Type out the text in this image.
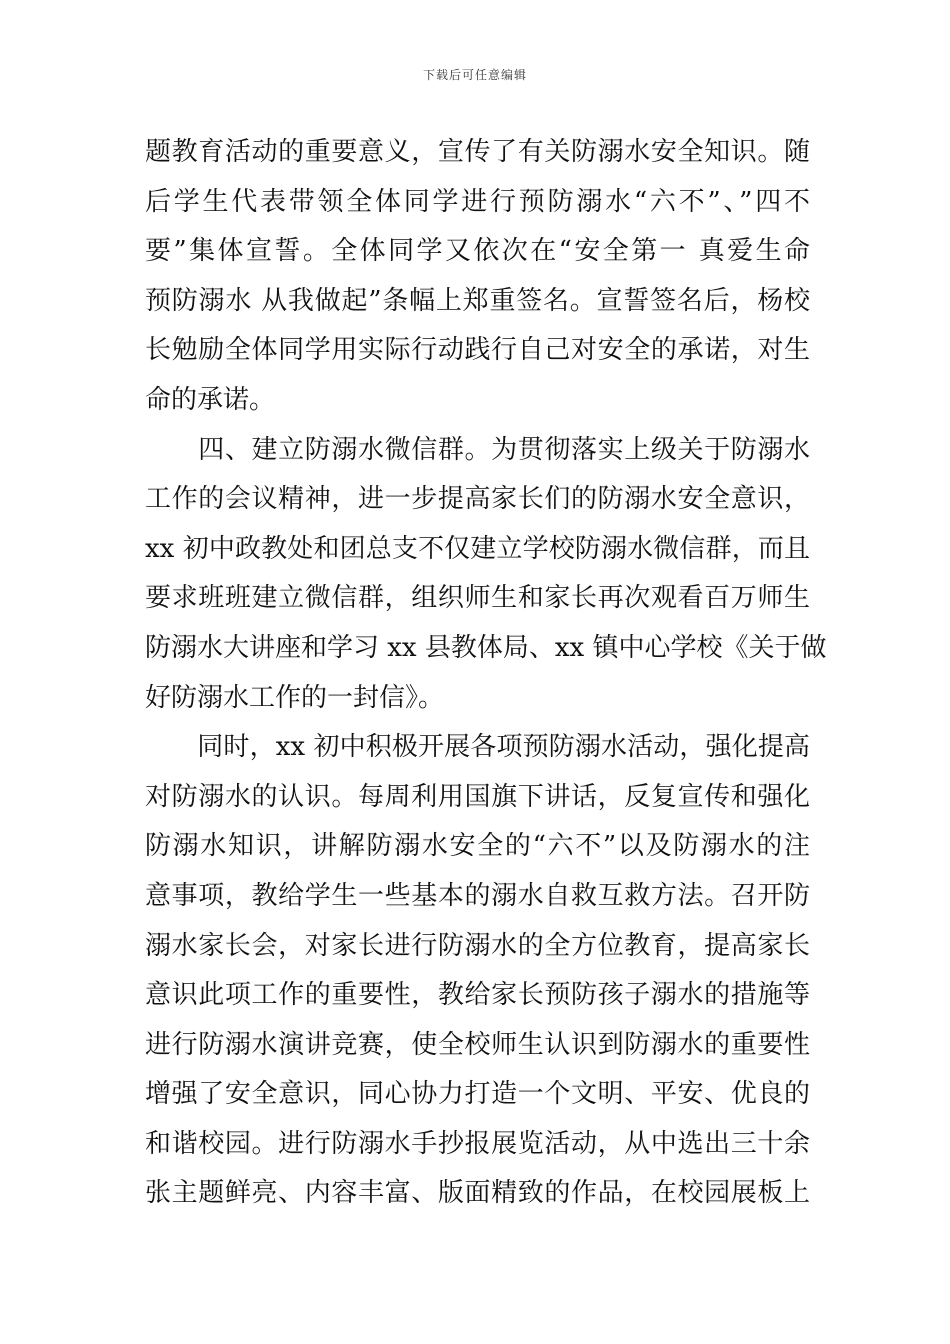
下载后可任意编辑
题教育活动的重要意义，宣传了有关防溺水安全知识。随
后学生代表带领全体同学进行预防溺水“六不”、”四不
要”集体宣誓。全体同学又依次在“安全第一 真爱生命
预防溺水 从我做起”条幅上郑重签名。宣誓签名后，杨校
长勉励全体同学用实际行动践行自己对安全的承诺，对生
命的承诺。
　　四、建立防溺水微信群。为贯彻落实上级关于防溺水
工作的会议精神，进一步提高家长们的防溺水安全意识，
xx 初中政教处和团总支不仅建立学校防溺水微信群，而且
要求班班建立微信群，组织师生和家长再次观看百万师生
防溺水大讲座和学习 xx 县教体局、xx 镇中心学校《关于做
好防溺水工作的一封信》。
　　同时，xx 初中积极开展各项预防溺水活动，强化提高
对防溺水的认识。每周利用国旗下讲话，反复宣传和强化
防溺水知识，讲解防溺水安全的“六不”以及防溺水的注
意事项，教给学生一些基本的溺水自救互救方法。召开防
溺水家长会，对家长进行防溺水的全方位教育，提高家长
意识此项工作的重要性，教给家长预防孩子溺水的措施等
进行防溺水演讲竞赛，使全校师生认识到防溺水的重要性
增强了安全意识，同心协力打造一个文明、平安、优良的
和谐校园。进行防溺水手抄报展览活动，从中选出三十余
张主题鲜亮、内容丰富、版面精致的作品，在校园展板上
